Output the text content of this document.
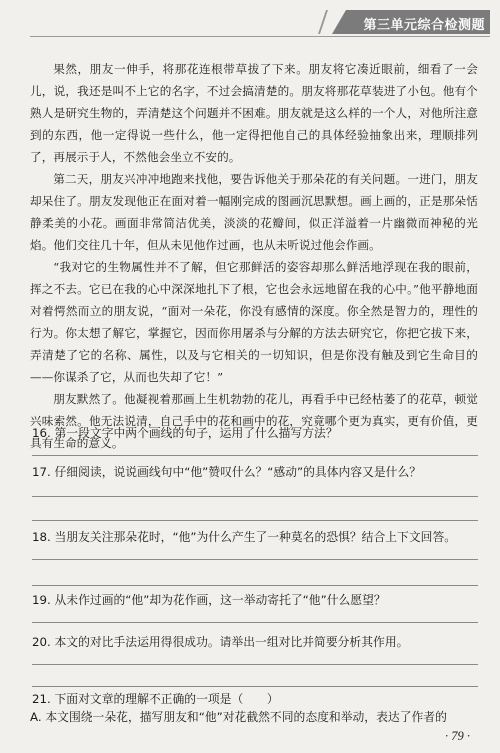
第三单元综合检测题

果然，朋友一伸手，将那花连根带草拔了下来。朋友将它凑近眼前，细看了一会儿，说，我还是叫不上它的名字，不过会搞清楚的。朋友将那花草装进了小包。他有个熟人是研究生物的，弄清楚这个问题并不困难。朋友就是这么样的一个人，对他所注意到的东西，他一定得说一些什么，他一定得把他自己的具体经验抽象出来，理顺排列了，再展示于人，不然他会坐立不安的。

第二天，朋友兴冲冲地跑来找他，要告诉他关于那朵花的有关问题。一进门，朋友却呆住了。朋友发现他正在面对着一幅刚完成的图画沉思默想。画上画的，正是那朵恬静柔美的小花。画面非常简洁优美，淡淡的花瓣间，似正洋溢着一片幽微而神秘的光焰。他们交往几十年，但从未见他作过画，也从未听说过他会作画。

“我对它的生物属性并不了解，但它那鲜活的姿容却那么鲜活地浮现在我的眼前，挥之不去。它已在我的心中深深地扎下了根，它也会永远地留在我的心中。”他平静地面对着愕然而立的朋友说，“面对一朵花，你没有感情的深度。你全然是智力的，理性的行为。你太想了解它，掌握它，因而你用屠杀与分解的方法去研究它，你把它拔下来，弄清楚了它的名称、属性，以及与它相关的一切知识，但是你没有触及到它生命目的——你谋杀了它，从而也失却了它！”

朋友默然了。他凝视着那画上生机勃勃的花儿，再看手中已经枯萎了的花草，顿觉兴味索然。他无法说清，自己手中的花和画中的花，究竟哪个更为真实，更有价值，更具有生命的意义。

16. 第一段文字中两个画线的句子，运用了什么描写方法？

17. 仔细阅读，说说画线句中“他”赞叹什么？“感动”的具体内容又是什么？

18. 当朋友关注那朵花时，“他”为什么产生了一种莫名的恐惧？结合上下文回答。

19. 从未作过画的“他”却为花作画，这一举动寄托了“他”什么愿望？

20. 本文的对比手法运用得很成功。请举出一组对比并简要分析其作用。

21. 下面对文章的理解不正确的一项是（　　）

A. 本文围绕一朵花，描写朋友和“他”对花截然不同的态度和举动，表达了作者的
· 79 ·
